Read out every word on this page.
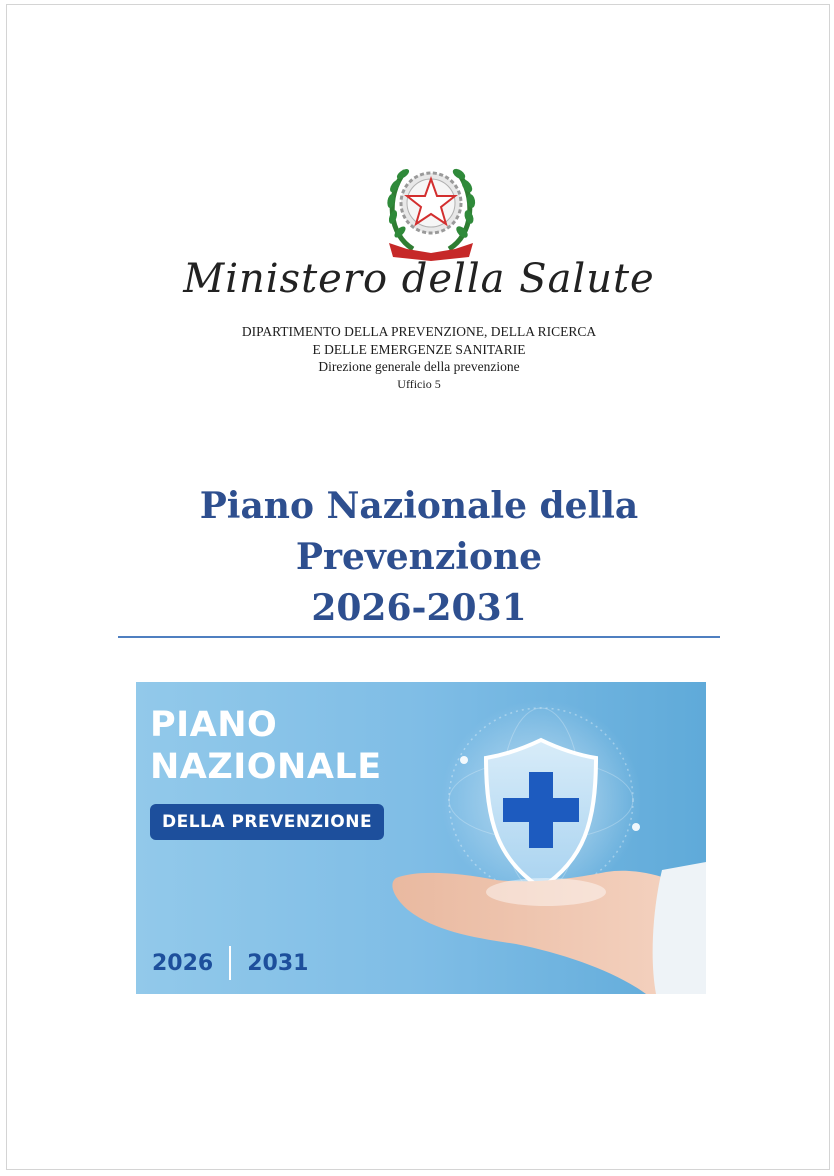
Ministero della Salute
DIPARTIMENTO DELLA PREVENZIONE, DELLA RICERCA
E DELLE EMERGENZE SANITARIE
Direzione generale della prevenzione
Ufficio 5
Piano Nazionale della
Prevenzione
2026-2031
PIANO
NAZIONALE
DELLA PREVENZIONE
2026 2031
